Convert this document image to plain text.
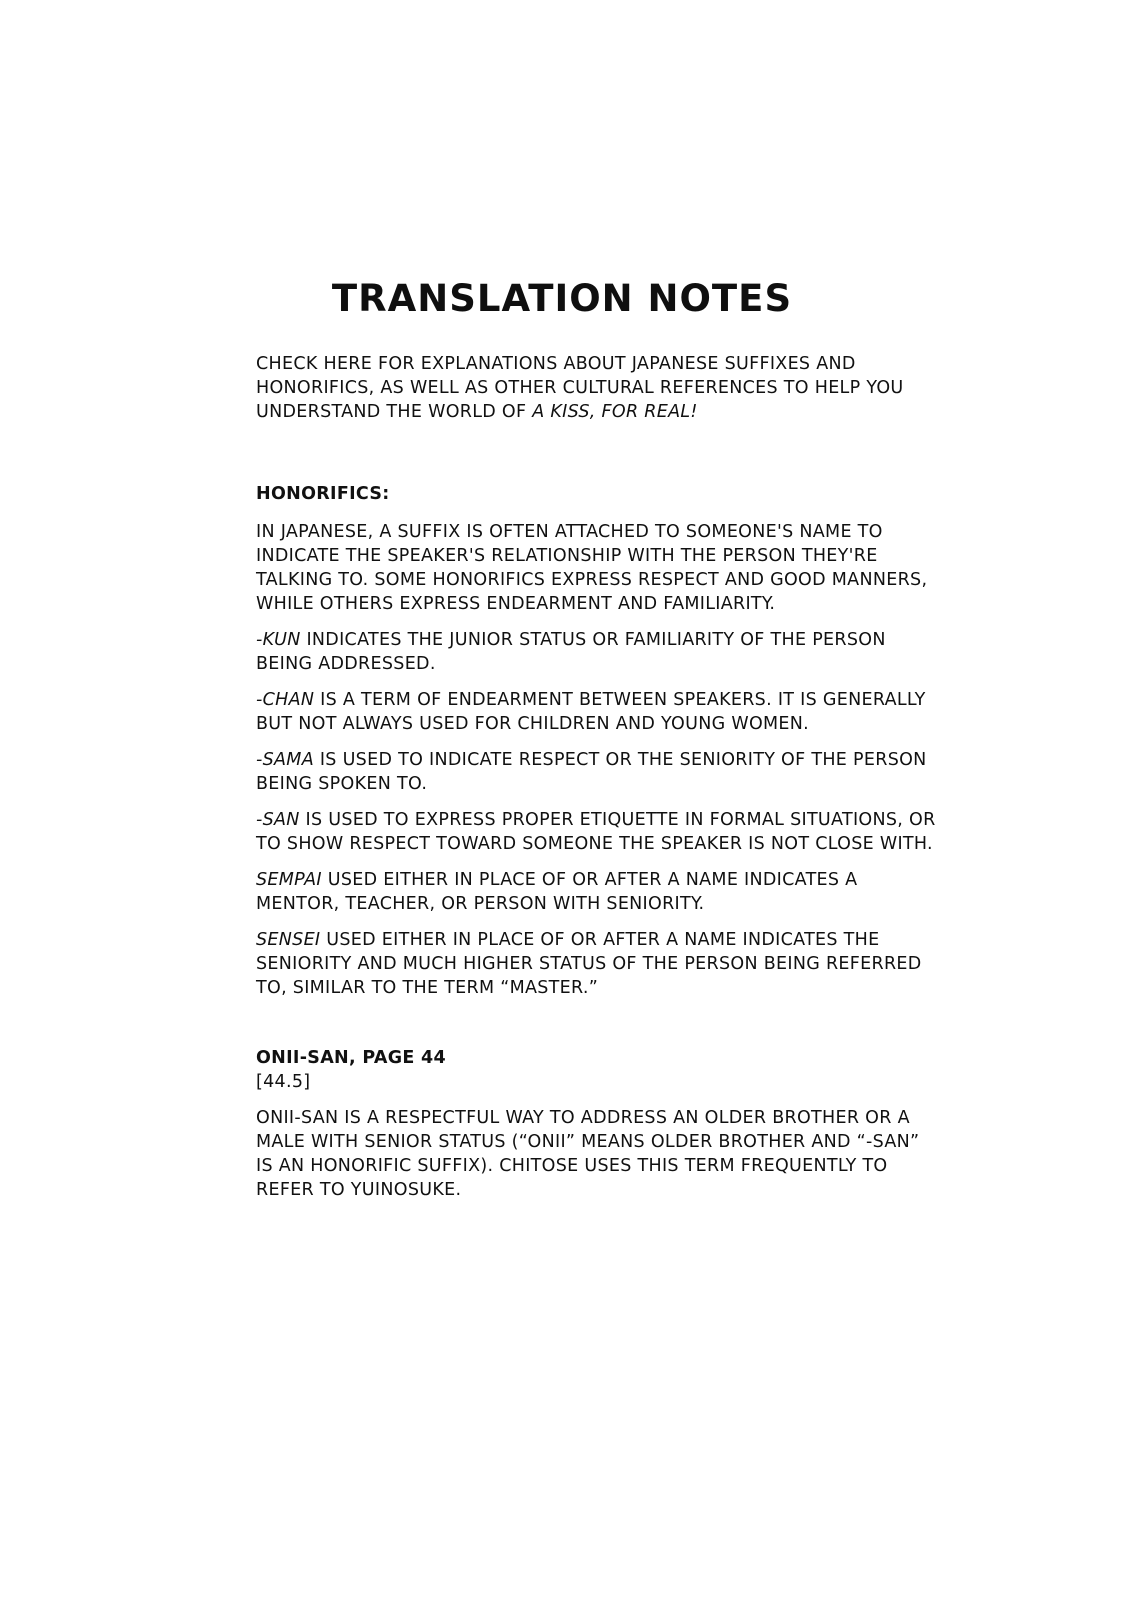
TRANSLATION NOTES

CHECK HERE FOR EXPLANATIONS ABOUT JAPANESE SUFFIXES AND HONORIFICS, AS WELL AS OTHER CULTURAL REFERENCES TO HELP YOU UNDERSTAND THE WORLD OF A KISS, FOR REAL!

HONORIFICS:

IN JAPANESE, A SUFFIX IS OFTEN ATTACHED TO SOMEONE'S NAME TO INDICATE THE SPEAKER'S RELATIONSHIP WITH THE PERSON THEY'RE TALKING TO. SOME HONORIFICS EXPRESS RESPECT AND GOOD MANNERS, WHILE OTHERS EXPRESS ENDEARMENT AND FAMILIARITY.

-KUN INDICATES THE JUNIOR STATUS OR FAMILIARITY OF THE PERSON
BEING ADDRESSED.

-CHAN IS A TERM OF ENDEARMENT BETWEEN SPEAKERS. IT IS GENERALLY BUT NOT ALWAYS USED FOR CHILDREN AND YOUNG WOMEN.

-SAMA IS USED TO INDICATE RESPECT OR THE SENIORITY OF THE PERSON BEING SPOKEN TO.

-SAN IS USED TO EXPRESS PROPER ETIQUETTE IN FORMAL SITUATIONS, OR TO SHOW RESPECT TOWARD SOMEONE THE SPEAKER IS NOT CLOSE WITH.

SEMPAI USED EITHER IN PLACE OF OR AFTER A NAME INDICATES A MENTOR, TEACHER, OR PERSON WITH SENIORITY.

SENSEI USED EITHER IN PLACE OF OR AFTER A NAME INDICATES THE SENIORITY AND MUCH HIGHER STATUS OF THE PERSON BEING REFERRED TO, SIMILAR TO THE TERM “MASTER.”

ONII-SAN, PAGE 44

[44.5]

ONII-SAN IS A RESPECTFUL WAY TO ADDRESS AN OLDER BROTHER OR A MALE WITH SENIOR STATUS (“ONII” MEANS OLDER BROTHER AND “-SAN” IS AN HONORIFIC SUFFIX). CHITOSE USES THIS TERM FREQUENTLY TO REFER TO YUINOSUKE.
